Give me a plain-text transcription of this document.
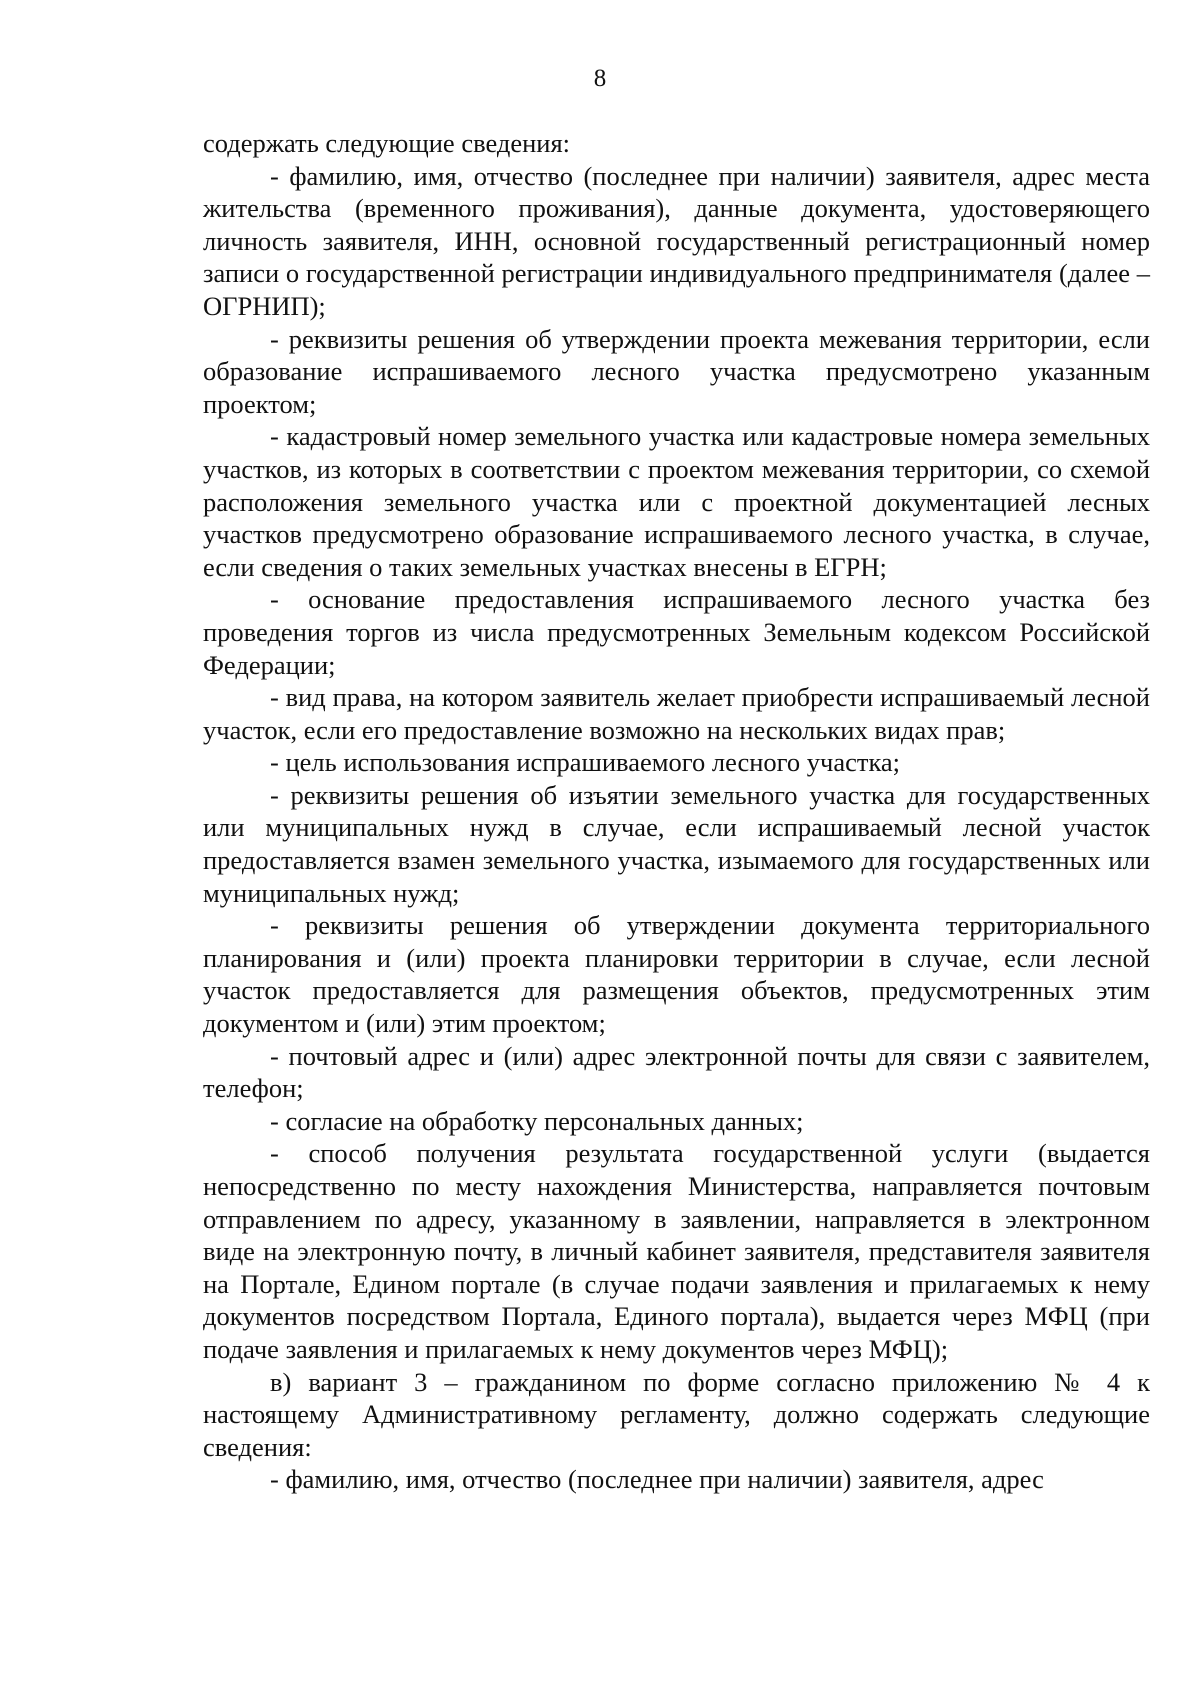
8

содержать следующие сведения:

- фамилию, имя, отчество (последнее при наличии) заявителя, адрес места жительства (временного проживания), данные документа, удостоверяющего личность заявителя, ИНН, основной государственный регистрационный номер записи о государственной регистрации индивидуального предпринимателя (далее – ОГРНИП);

- реквизиты решения об утверждении проекта межевания территории, если образование испрашиваемого лесного участка предусмотрено указанным проектом;

- кадастровый номер земельного участка или кадастровые номера земельных участков, из которых в соответствии с проектом межевания территории, со схемой расположения земельного участка или с проектной документацией лесных участков предусмотрено образование испрашиваемого лесного участка, в случае, если сведения о таких земельных участках внесены в ЕГРН;

- основание предоставления испрашиваемого лесного участка без проведения торгов из числа предусмотренных Земельным кодексом Российской Федерации;

- вид права, на котором заявитель желает приобрести испрашиваемый лесной участок, если его предоставление возможно на нескольких видах прав;

- цель использования испрашиваемого лесного участка;

- реквизиты решения об изъятии земельного участка для государственных или муниципальных нужд в случае, если испрашиваемый лесной участок предоставляется взамен земельного участка, изымаемого для государственных или муниципальных нужд;

- реквизиты решения об утверждении документа территориального планирования и (или) проекта планировки территории в случае, если лесной участок предоставляется для размещения объектов, предусмотренных этим документом и (или) этим проектом;

- почтовый адрес и (или) адрес электронной почты для связи с заявителем, телефон;

- согласие на обработку персональных данных;

- способ получения результата государственной услуги (выдается непосредственно по месту нахождения Министерства, направляется почтовым отправлением по адресу, указанному в заявлении, направляется в электронном виде на электронную почту, в личный кабинет заявителя, представителя заявителя на Портале, Едином портале (в случае подачи заявления и прилагаемых к нему документов посредством Портала, Единого портала), выдается через МФЦ (при подаче заявления и прилагаемых к нему документов через МФЦ);

в) вариант 3 – гражданином по форме согласно приложению № 4 к настоящему Административному регламенту, должно содержать следующие сведения:

- фамилию, имя, отчество (последнее при наличии) заявителя, адрес
